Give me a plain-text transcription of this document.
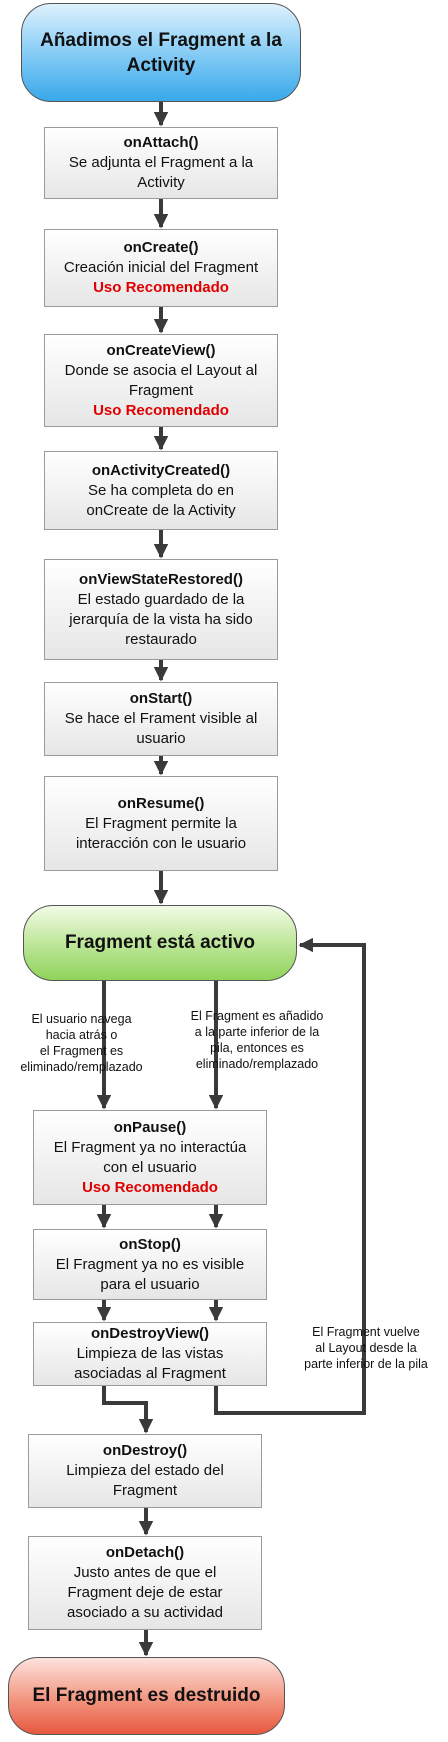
Añadimos el Fragment a la Activity
onAttach()
Se adjunta el Fragment a la
Activity
onCreate()
Creación inicial del Fragment
Uso Recomendado
onCreateView()
Donde se asocia el Layout al
Fragment
Uso Recomendado
onActivityCreated()
Se ha completa do en
onCreate de la Activity
onViewStateRestored()
El estado guardado de la
jerarquía de la vista ha sido
restaurado
onStart()
Se hace el Frament visible al
usuario
onResume()
El Fragment permite la
interacción con le usuario
Fragment está activo
El usuario navega
hacia atrás o
el Fragment es
eliminado/remplazado
El Fragment es añadido
a la parte inferior de la
pila, entonces es
eliminado/remplazado
onPause()
El Fragment ya no interactúa
con el usuario
Uso Recomendado
onStop()
El Fragment ya no es visible
para el usuario
onDestroyView()
Limpieza de las vistas
asociadas al Fragment
El Fragment vuelve
al Layout desde la
parte inferior de la pila
onDestroy()
Limpieza del estado del
Fragment
onDetach()
Justo antes de que el
Fragment deje de estar
asociado a su actividad
El Fragment es destruido
